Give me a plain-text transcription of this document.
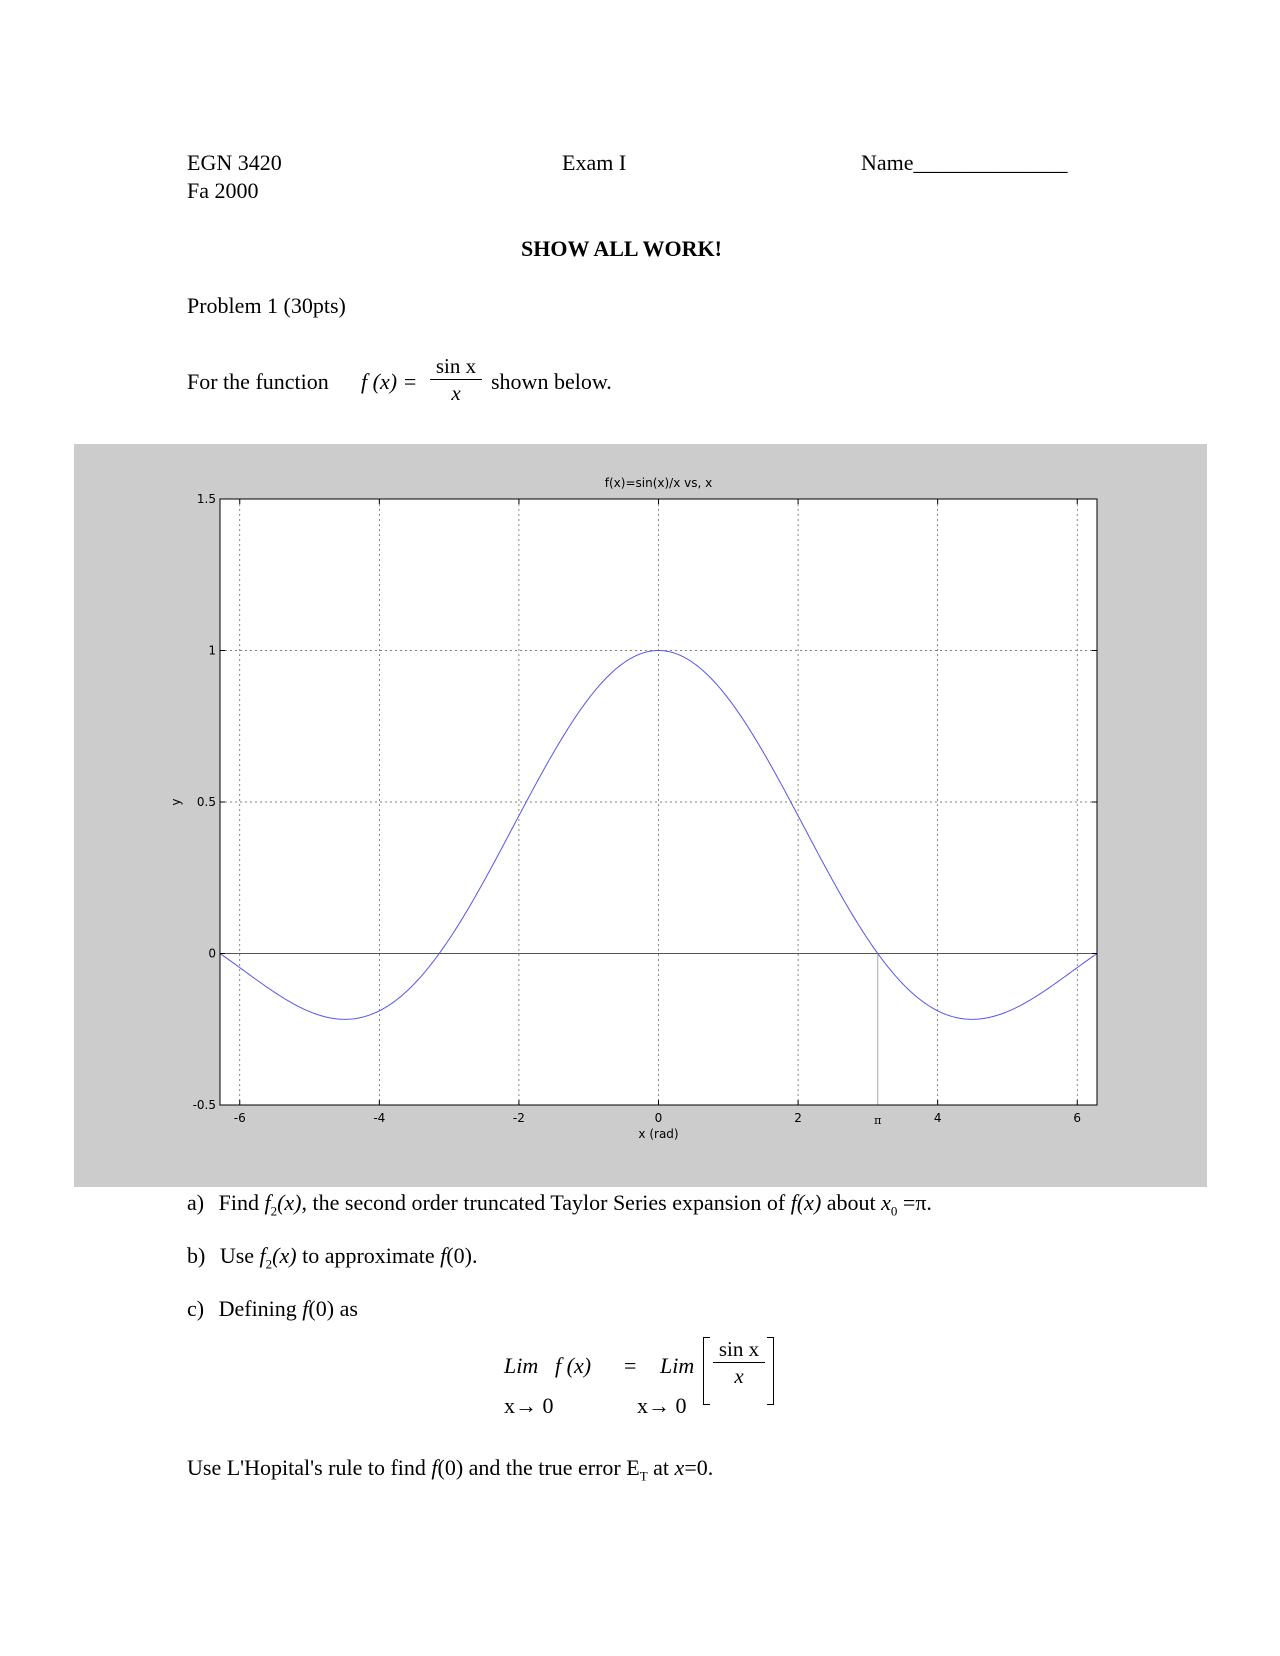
EGN 3420
Fa 2000
Exam I	Name______________
SHOW ALL WORK!
Problem 1 (30pts)
For the function f (x) =
sin x
x	shown below.
π
-6	-4	-2	0	2	4	6
-0.5
0
0.5
1
1.5
f(x)=sin(x)/x vs, x
x (rad)
y
a) Find $f_2(x)$, the second order truncated Taylor Series expansion of f(x) about $x_0 =\pi$.
b) Use $f_2(x)$ to approximate f(0).
c) Defining f(0) as
Lim f (x)
x→ 0
= Lim
x→ 0
sin x
x
Use L'Hopital's rule to find f(0) and the true error $E_T$ at x=0.
